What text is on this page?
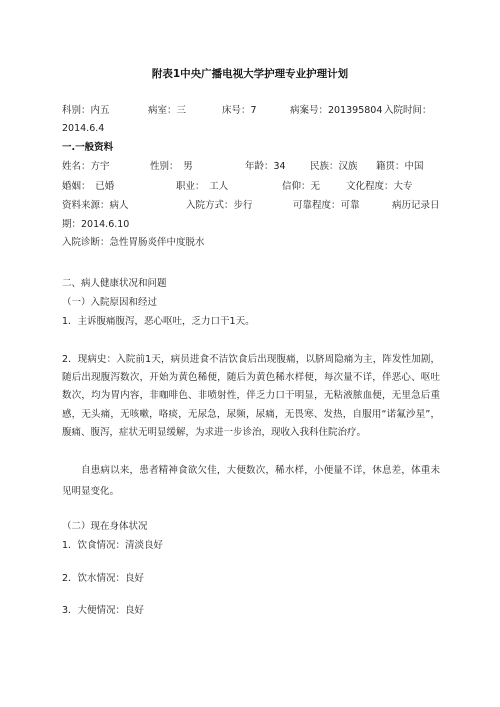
附表1中央广播电视大学护理专业护理计划
科别：内五	病室：三	床号：7	病案号：201395804 入院时间：
2014.6.4
一.一般资料
姓名：方宇	性别：　男	年龄：34	民族：汉族 籍贯：中国
婚姻：　已婚	职业：　工人	信仰：无	文化程度：大专
资料来源：病人	入院方式：步行	可靠程度：可靠	病历记录日
期：2014.6.10
入院诊断：急性胃肠炎伴中度脱水
二、病人健康状况和问题
（一）入院原因和经过
1．主诉腹痛腹泻，恶心呕吐，乏力口干1天。
2．现病史：入院前1天，病员进食不洁饮食后出现腹痛，以脐周隐痛为主，阵发性加剧，随后出现腹泻数次，开始为黄色稀便，随后为黄色稀水样便，每次量不详，伴恶心、呕吐数次，均为胃内容，非咖啡色、非喷射性，伴乏力口干明显，无粘液脓血便，无里急后重感，无头痛，无咳嗽，咯痰，无尿急，尿频，尿痛，无畏寒、发热，自服用“诺氟沙星”，腹痛、腹泻，症状无明显缓解，为求进一步诊治，现收入我科住院治疗。
自患病以来，患者精神食欲欠佳，大便数次，稀水样，小便量不详，休息差，体重未见明显变化。
（二）现在身体状况
1．饮食情况：清淡良好
2．饮水情况：良好
3．大便情况：良好
